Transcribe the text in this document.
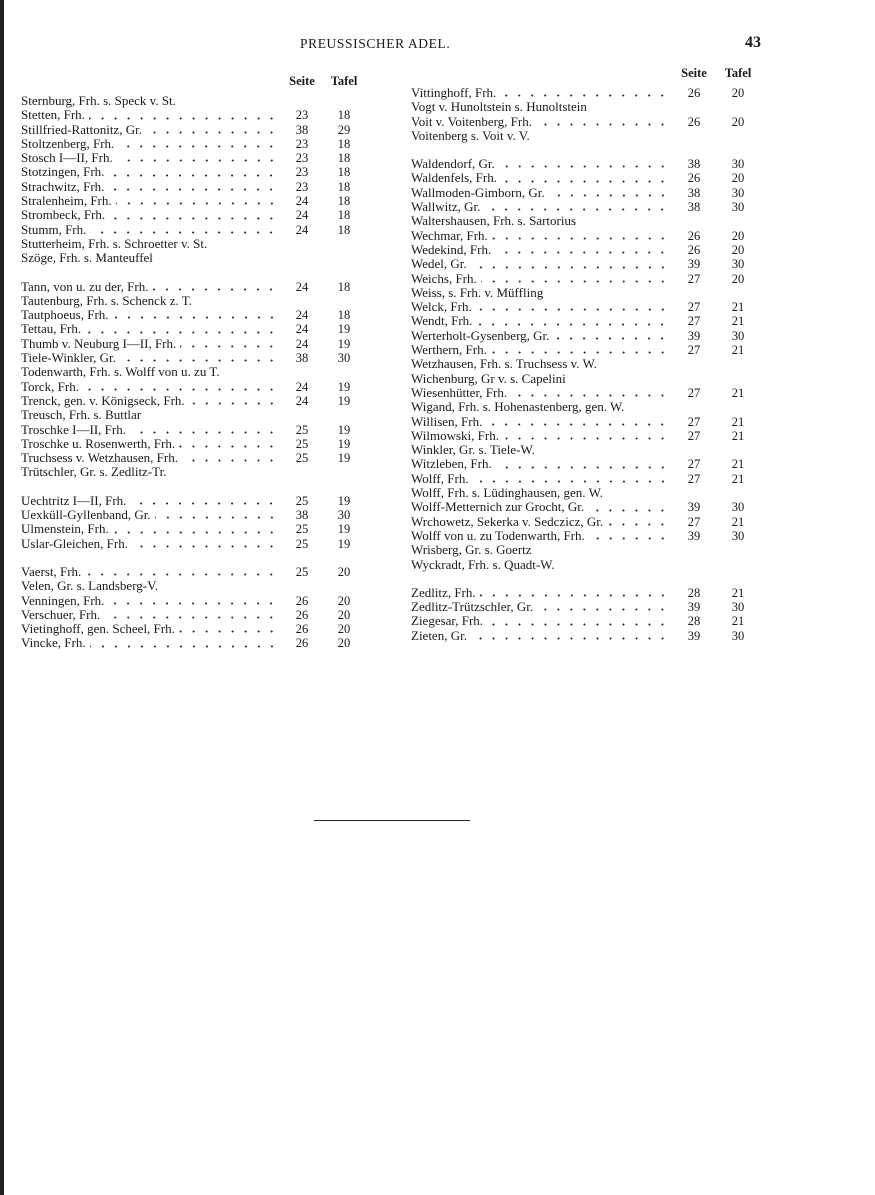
PREUSSISCHER ADEL.	43
Seite	Tafel
Sternburg, Frh. s. Speck v. St.
Stetten, Frh.	23	18
Stillfried-Rattonitz, Gr.	38	29
Stoltzenberg, Frh.	23	18
Stosch I—II, Frh.	23	18
Stotzingen, Frh.	23	18
Strachwitz, Frh.	23	18
Stralenheim, Frh.	24	18
Strombeck, Frh.	24	18
Stumm, Frh.	24	18
Stutterheim, Frh. s. Schroetter v. St.
Szöge, Frh. s. Manteuffel
Tann, von u. zu der, Frh.	24	18
Tautenburg, Frh. s. Schenck z. T.
Tautphoeus, Frh.	24	18
Tettau, Frh.	24	19
Thumb v. Neuburg I—II, Frh.	24	19
Tiele-Winkler, Gr.	38	30
Todenwarth, Frh. s. Wolff von u. zu T.
Torck, Frh.	24	19
Trenck, gen. v. Königseck, Frh.	24	19
Treusch, Frh. s. Buttlar
Troschke I—II, Frh.	25	19
Troschke u. Rosenwerth, Frh.	25	19
Truchsess v. Wetzhausen, Frh.	25	19
Trütschler, Gr. s. Zedlitz-Tr.
Uechtritz I—II, Frh.	25	19
Uexküll-Gyllenband, Gr.	38	30
Ulmenstein, Frh.	25	19
Uslar-Gleichen, Frh.	25	19
Vaerst, Frh.	25	20
Velen, Gr. s. Landsberg-V.
Venningen, Frh.	26	20
Verschuer, Frh.	26	20
Vietinghoff, gen. Scheel, Frh.	26	20
Vincke, Frh.	26	20
Seite	Tafel
Vittinghoff, Frh.	26	20
Vogt v. Hunoltstein s. Hunoltstein
Voit v. Voitenberg, Frh.	26	20
Voitenberg s. Voit v. V.
Waldendorf, Gr.	38	30
Waldenfels, Frh.	26	20
Wallmoden-Gimborn, Gr.	38	30
Wallwitz, Gr.	38	30
Waltershausen, Frh. s. Sartorius
Wechmar, Frh.	26	20
Wedekind, Frh.	26	20
Wedel, Gr.	39	30
Weichs, Frh.	27	20
Weiss, s. Frh. v. Müffling
Welck, Frh.	27	21
Wendt, Frh.	27	21
Werterholt-Gysenberg, Gr.	39	30
Werthern, Frh.	27	21
Wetzhausen, Frh. s. Truchsess v. W.
Wichenburg, Gr v. s. Capelini
Wiesenhütter, Frh.	27	21
Wigand, Frh. s. Hohenastenberg, gen. W.
Willisen, Frh.	27	21
Wilmowski, Frh.	27	21
Winkler, Gr. s. Tiele-W.
Witzleben, Frh.	27	21
Wolff, Frh.	27	21
Wolff, Frh. s. Lüdinghausen, gen. W.
Wolff-Metternich zur Grocht, Gr.	39	30
Wrchowetz, Sekerka v. Sedczicz, Gr.	27	21
Wolff von u. zu Todenwarth, Frh.	39	30
Wrisberg, Gr. s. Goertz
Wyckradt, Frh. s. Quadt-W.
Zedlitz, Frh.	28	21
Zedlitz-Trützschler, Gr.	39	30
Ziegesar, Frh.	28	21
Zieten, Gr.	39	30
